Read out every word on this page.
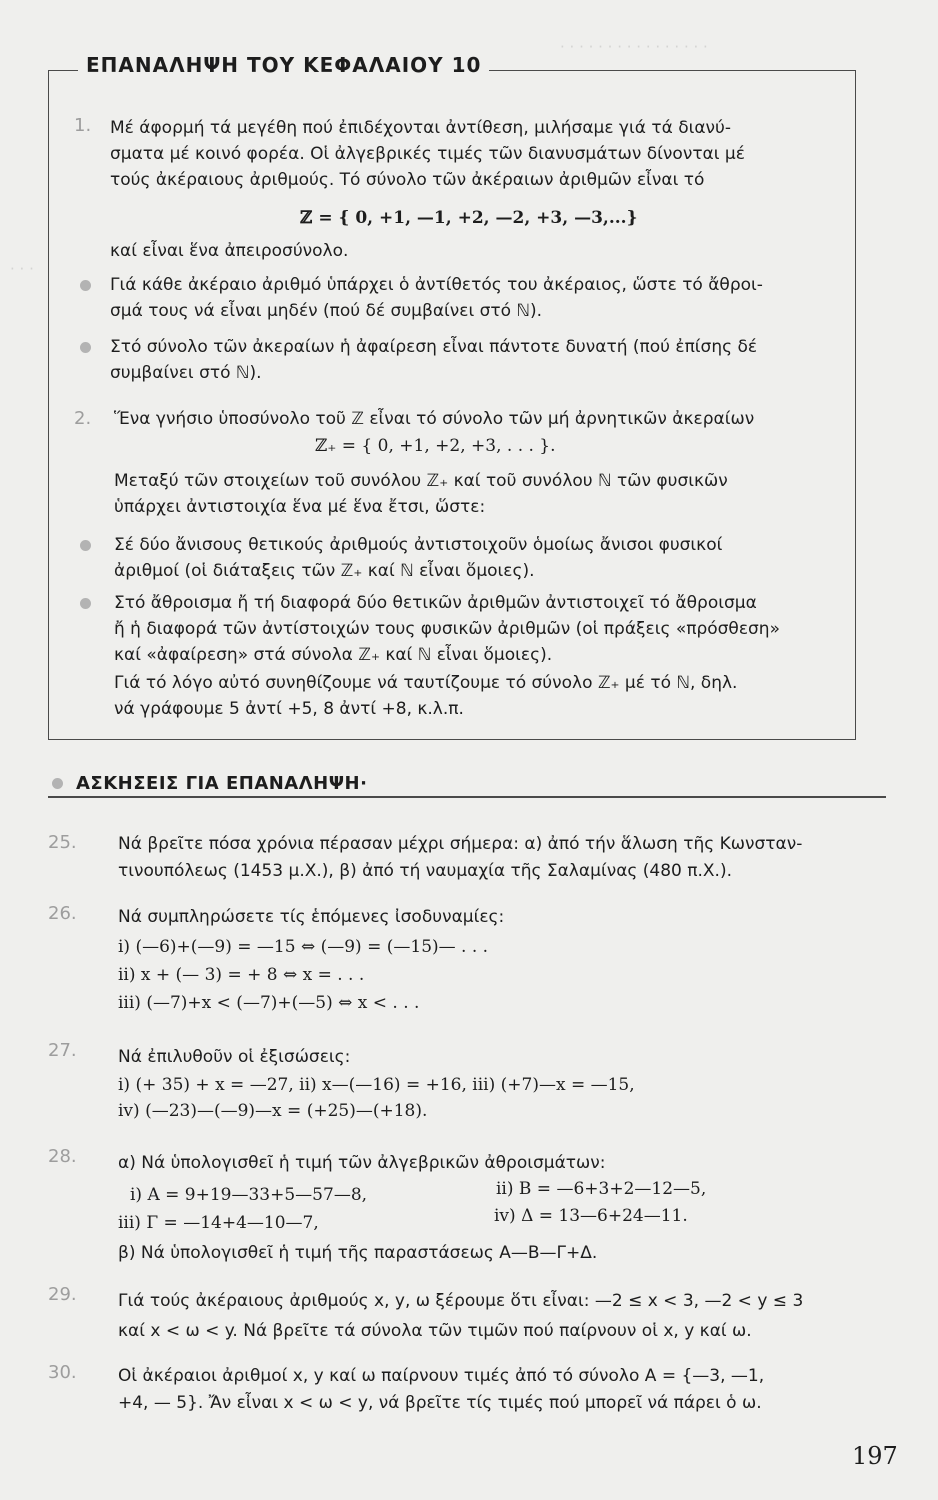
· · · · · · · · · · · · · · · ·
· · ·
ΕΠΑΝΑΛΗΨΗ ΤΟΥ ΚΕΦΑΛΑΙΟΥ 10
1. Μέ άφορμή τά μεγέθη πού ἐπιδέχονται ἀντίθεση, μιλήσαμε γιά τά διανύ-
σματα μέ κοινό φορέα. Οἱ ἀλγεβρικές τιμές τῶν διανυσμάτων δίνονται μέ
τούς ἀκέραιους ἀριθμούς. Τό σύνολο τῶν ἀκέραιων ἀριθμῶν εἶναι τό
ℤ = { 0, +1, —1, +2, —2, +3, —3,...}
καί εἶναι ἕνα ἀπειροσύνολο.
Γιά κάθε ἀκέραιο ἀριθμό ὑπάρχει ὁ ἀντίθετός του ἀκέραιος, ὥστε τό ἄθροι-
σμά τους νά εἶναι μηδέν (πού δέ συμβαίνει στό ℕ).
Στό σύνολο τῶν ἀκεραίων ἡ ἀφαίρεση εἶναι πάντοτε δυνατή (πού ἐπίσης δέ
συμβαίνει στό ℕ).
2. Ἕνα γνήσιο ὑποσύνολο τοῦ ℤ εἶναι τό σύνολο τῶν μή ἀρνητικῶν ἀκεραίων
ℤ₊ = { 0, +1, +2, +3, . . . }.
Μεταξύ τῶν στοιχείων τοῦ συνόλου ℤ₊ καί τοῦ συνόλου ℕ τῶν φυσικῶν
ὑπάρχει ἀντιστοιχία ἕνα μέ ἕνα ἔτσι, ὥστε:
Σέ δύο ἄνισους θετικούς ἀριθμούς ἀντιστοιχοῦν ὁμοίως ἄνισοι φυσικοί
ἀριθμοί (οἱ διάταξεις τῶν ℤ₊ καί ℕ εἶναι ὅμοιες).
Στό ἄθροισμα ἤ τή διαφορά δύο θετικῶν ἀριθμῶν ἀντιστοιχεῖ τό ἄθροισμα
ἤ ἡ διαφορά τῶν ἀντίστοιχών τους φυσικῶν ἀριθμῶν (οἱ πράξεις «πρόσθεση»
καί «ἀφαίρεση» στά σύνολα ℤ₊ καί ℕ εἶναι ὅμοιες).
Γιά τό λόγο αὐτό συνηθίζουμε νά ταυτίζουμε τό σύνολο ℤ₊ μέ τό ℕ, δηλ.
νά γράφουμε 5 ἀντί +5, 8 ἀντί +8, κ.λ.π.
ΑΣΚΗΣΕΙΣ ΓΙΑ ΕΠΑΝΑΛΗΨΗ·
25. Νά βρεῖτε πόσα χρόνια πέρασαν μέχρι σήμερα: α) ἀπό τήν ἅλωση τῆς Κωνσταν-
τινουπόλεως (1453 μ.Χ.), β) ἀπό τή ναυμαχία τῆς Σαλαμίνας (480 π.Χ.).
26. Νά συμπληρώσετε τίς ἑπόμενες ἰσοδυναμίες:
i) (—6)+(—9) = —15 ⇔ (—9) = (—15)— . . .
ii) x + (— 3) = + 8 ⇔ x = . . .
iii) (—7)+x < (—7)+(—5) ⇔ x < . . .
27. Νά ἐπιλυθοῦν οἱ ἐξισώσεις:
i) (+ 35) + x = —27, ii) x—(—16) = +16, iii) (+7)—x = —15,
iv) (—23)—(—9)—x = (+25)—(+18).
28. α) Νά ὑπολογισθεῖ ἡ τιμή τῶν ἀλγεβρικῶν ἀθροισμάτων:
i) Α = 9+19—33+5—57—8,	ii) Β = —6+3+2—12—5,
iii) Γ = —14+4—10—7,	iv) Δ = 13—6+24—11.
β) Νά ὑπολογισθεῖ ἡ τιμή τῆς παραστάσεως Α—Β—Γ+Δ.
29. Γιά τούς ἀκέραιους ἀριθμούς x, y, ω ξέρουμε ὅτι εἶναι: —2 ≤ x < 3, —2 < y ≤ 3
καί x < ω < y. Νά βρεῖτε τά σύνολα τῶν τιμῶν πού παίρνουν οἱ x, y καί ω.
30. Οἱ ἀκέραιοι ἀριθμοί x, y καί ω παίρνουν τιμές ἀπό τό σύνολο Α = {—3, —1,
+4, — 5}. Ἄν εἶναι x < ω < y, νά βρεῖτε τίς τιμές πού μπορεῖ νά πάρει ὁ ω.
197
